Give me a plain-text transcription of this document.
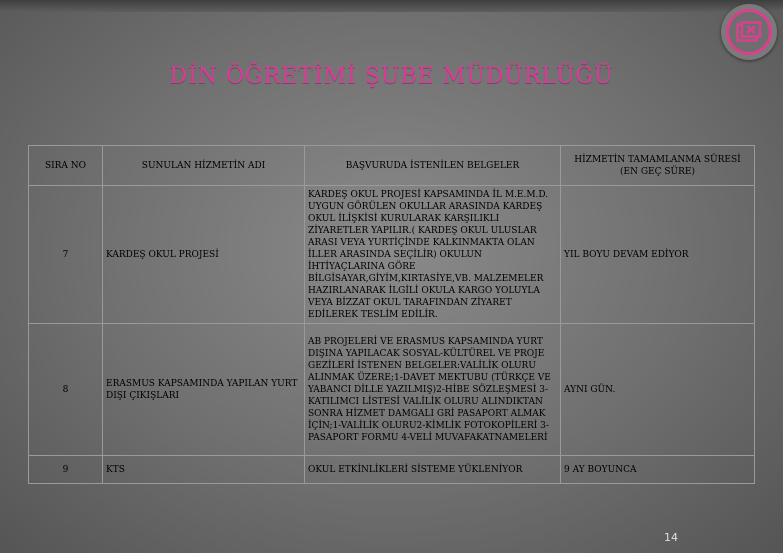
DİN ÖĞRETİMİ ŞUBE MÜDÜRLÜĞÜ
SIRA NO	SUNULAN HİZMETİN ADI	BAŞVURUDA İSTENİLEN BELGELER	HİZMETİN TAMAMLANMA SÜRESİ (EN GEÇ SÜRE)
7	KARDEŞ OKUL PROJESİ	KARDEŞ OKUL PROJESİ KAPSAMINDA İL M.E.M.D. UYGUN GÖRÜLEN OKULLAR ARASINDA KARDEŞ OKUL İLİŞKİSİ KURULARAK KARŞILIKLI ZİYARETLER YAPILIR.( KARDEŞ OKUL ULUSLAR ARASI VEYA YURTİÇİNDE KALKINMAKTA OLAN İLLER ARASINDA SEÇİLİR) OKULUN İHTİYAÇLARINA GÖRE BİLGİSAYAR,GİYİM,KIRTASİYE,VB. MALZEMELER HAZIRLANARAK İLGİLİ OKULA KARGO YOLUYLA VEYA BİZZAT OKUL TARAFINDAN ZİYARET EDİLEREK TESLİM EDİLİR.	YIL BOYU DEVAM EDİYOR
8	ERASMUS KAPSAMINDA YAPILAN YURT DIŞI ÇIKIŞLARI	AB PROJELERİ VE ERASMUS KAPSAMINDA YURT DIŞINA YAPILACAK SOSYAL-KÜLTÜREL VE PROJE GEZİLERİ İSTENEN BELGELER:VALİLİK OLURU ALINMAK ÜZERE;1-DAVET MEKTUBU (TÜRKÇE VE YABANCI DİLLE YAZILMIŞ)2-HİBE SÖZLEŞMESİ 3-KATILIMCI LİSTESİ VALİLİK OLURU ALINDIKTAN SONRA HİZMET DAMGALI GRİ PASAPORT ALMAK İÇİN;1-VALİLİK OLURU2-KİMLİK FOTOKOPİLERİ 3-PASAPORT FORMU 4-VELİ MUVAFAKATNAMELERİ	AYNI GÜN.
9	KTS	OKUL ETKİNLİKLERİ SİSTEME YÜKLENİYOR	9 AY BOYUNCA
14
